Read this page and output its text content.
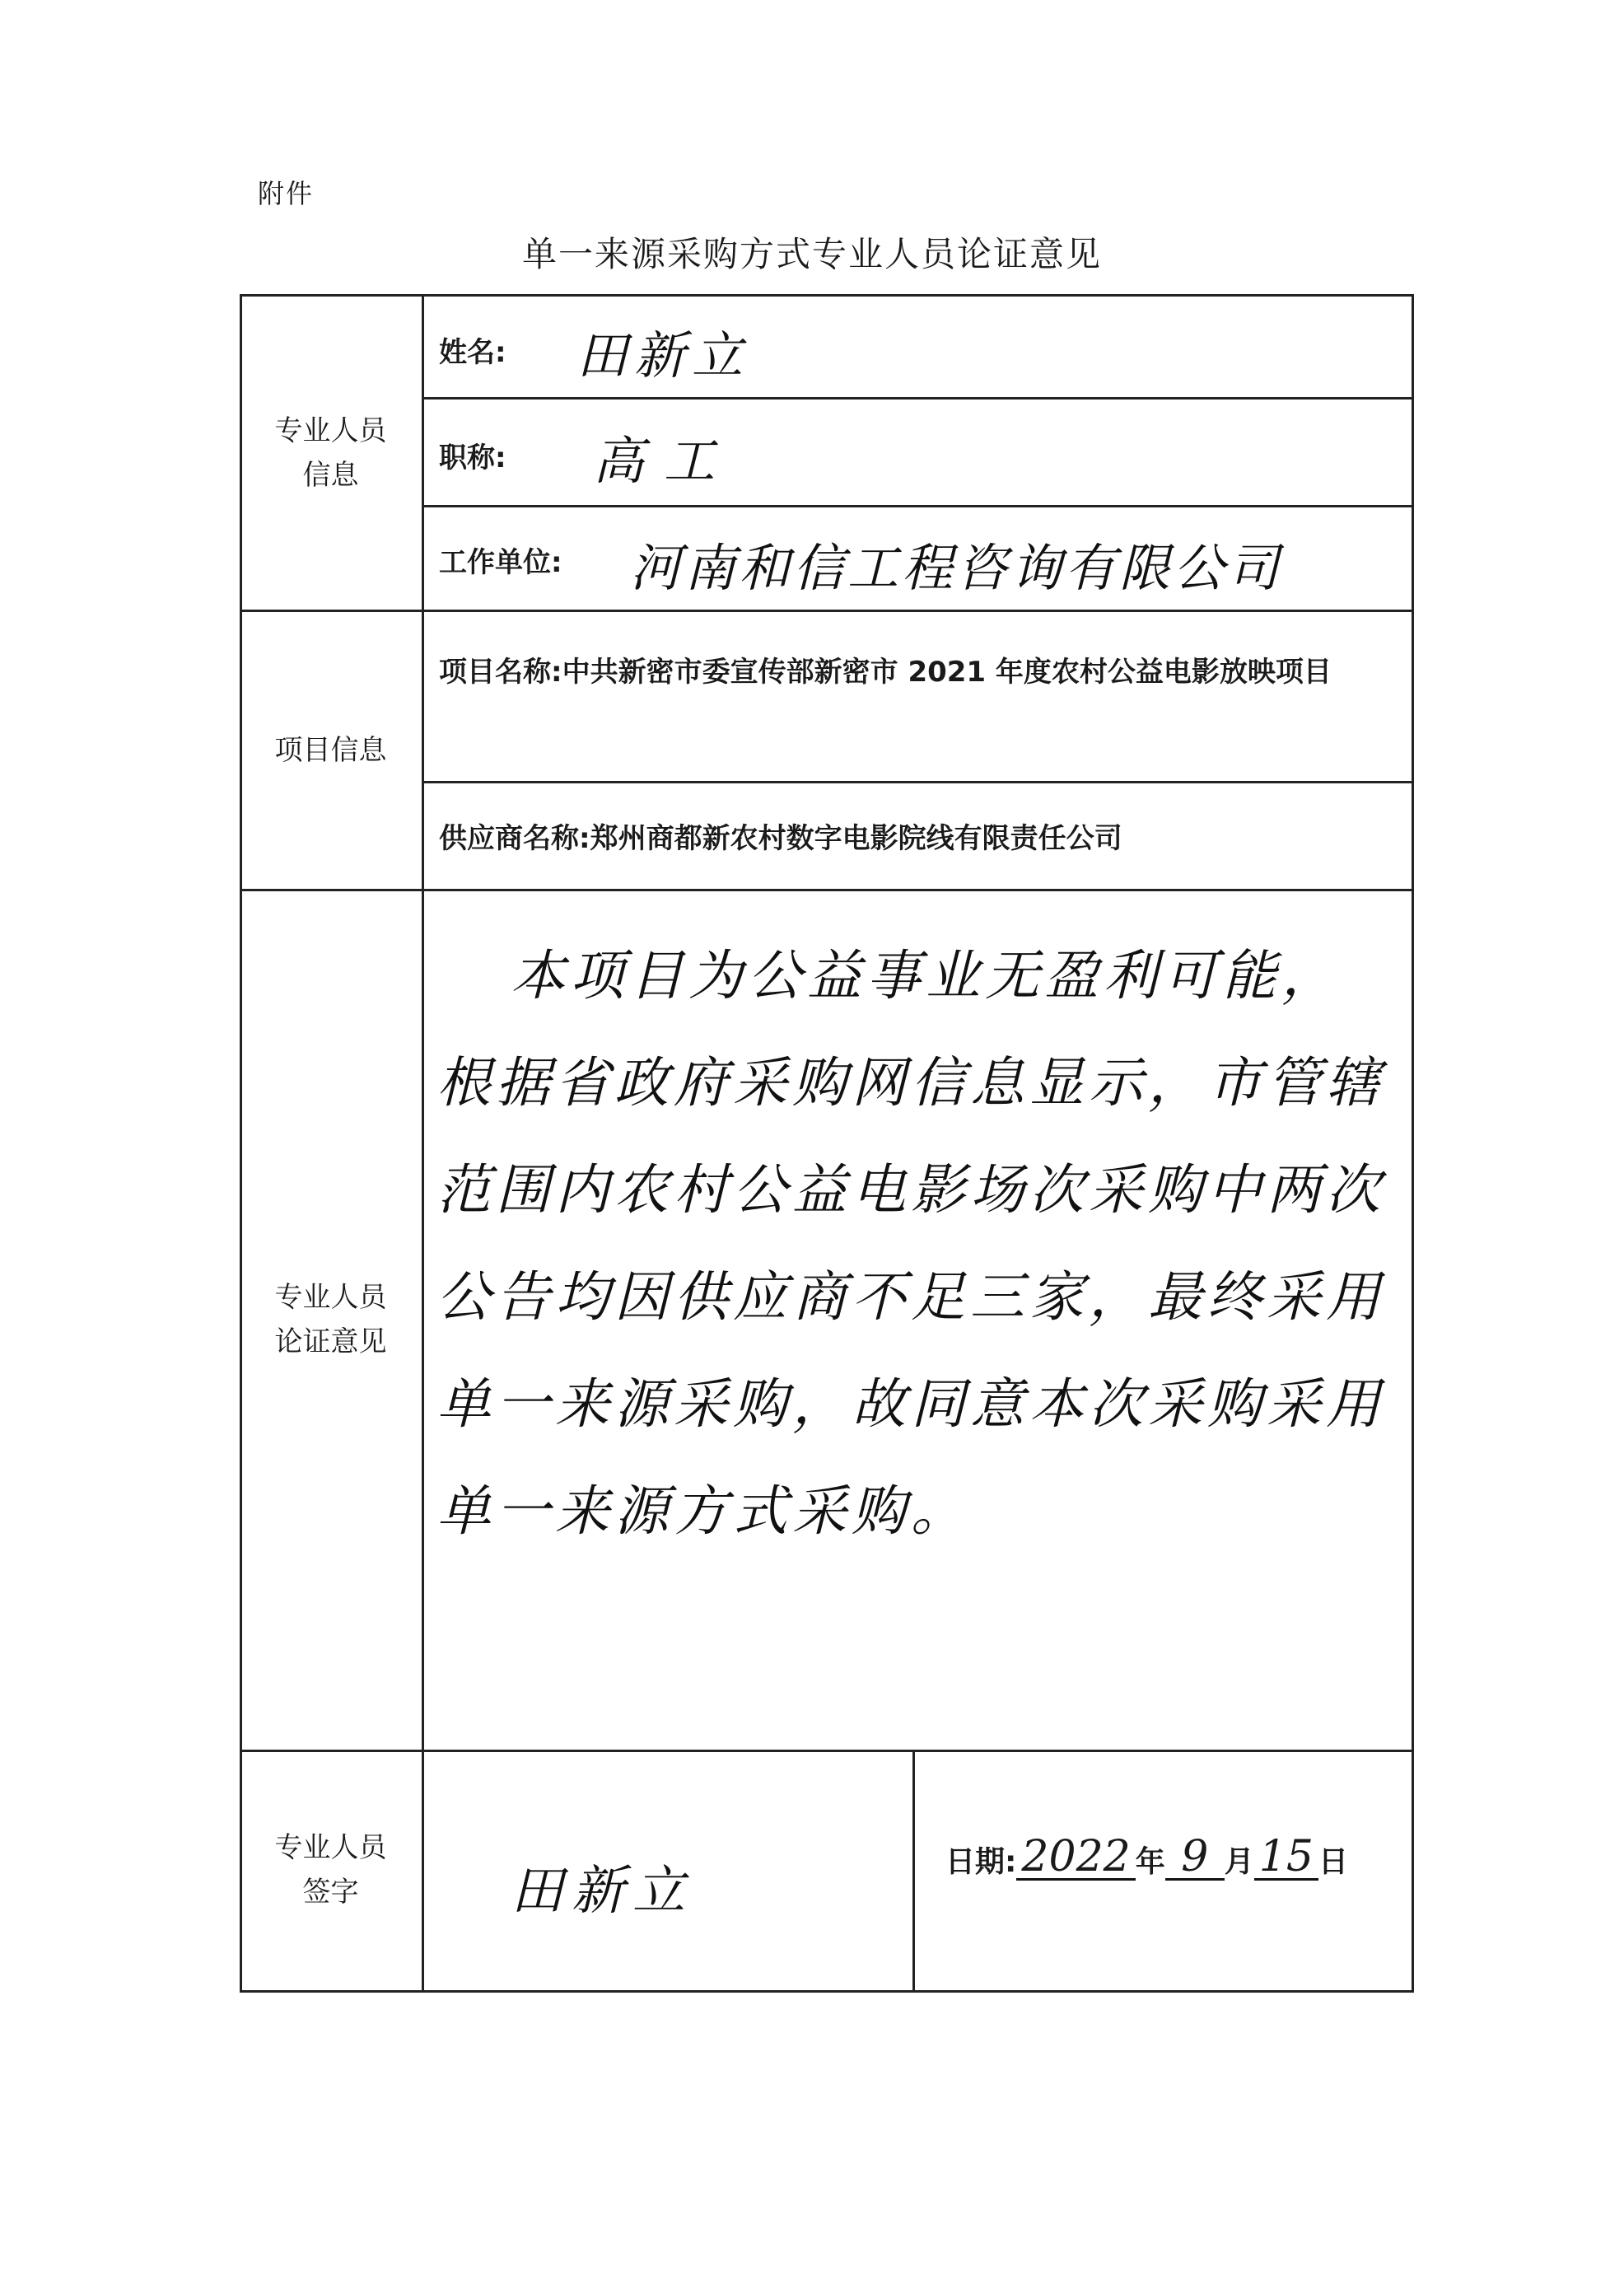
附件
单一来源采购方式专业人员论证意见
专业人员
信息
姓名: 田新立
职称: 高工
工作单位: 河南和信工程咨询有限公司
项目信息
项目名称:中共新密市委宣传部新密市 2021 年度农村公益电影放映项目
供应商名称:郑州商都新农村数字电影院线有限责任公司
专业人员
论证意见
本项目为公益事业无盈利可能，根据省政府采购网信息显示，市管辖范围内农村公益电影场次采购中两次公告均因供应商不足三家，最终采用单一来源采购，故同意本次采购采用单一来源方式采购。
专业人员
签字	田新立	日期: 2022 年 9 月 15 日
